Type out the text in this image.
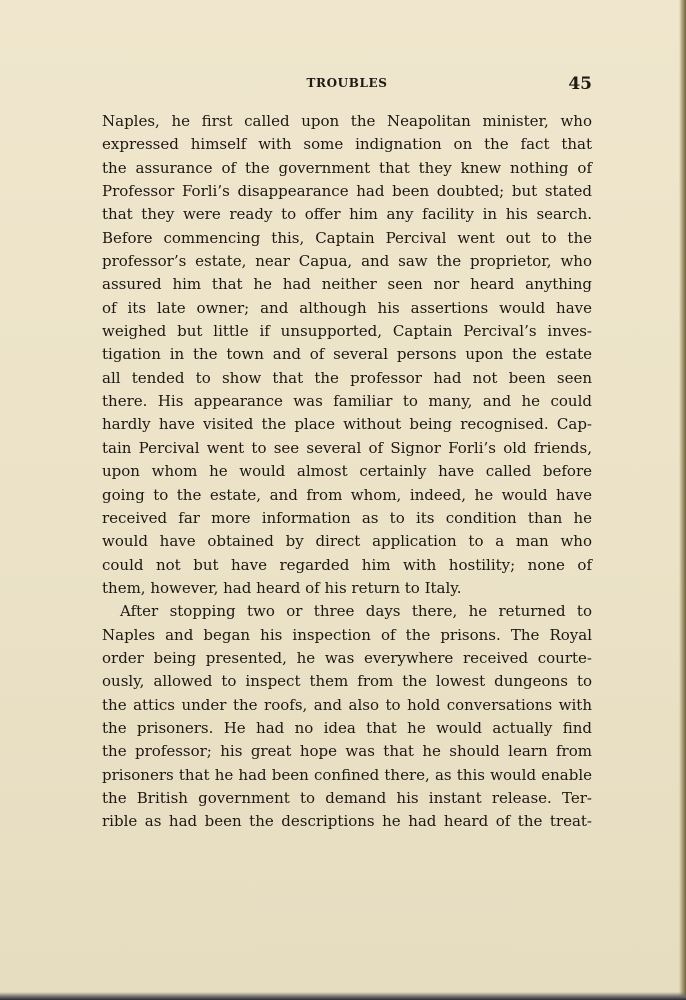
TROUBLES	45
Naples, he first called upon the Neapolitan minister, who
expressed himself with some indignation on the fact that
the assurance of the government that they knew nothing of
Professor Forli’s disappearance had been doubted; but stated
that they were ready to offer him any facility in his search.
Before commencing this, Captain Percival went out to the
professor’s estate, near Capua, and saw the proprietor, who
assured him that he had neither seen nor heard anything
of its late owner; and although his assertions would have
weighed but little if unsupported, Captain Percival’s inves-
tigation in the town and of several persons upon the estate
all tended to show that the professor had not been seen
there. His appearance was familiar to many, and he could
hardly have visited the place without being recognised. Cap-
tain Percival went to see several of Signor Forli’s old friends,
upon whom he would almost certainly have called before
going to the estate, and from whom, indeed, he would have
received far more information as to its condition than he
would have obtained by direct application to a man who
could not but have regarded him with hostility; none of
them, however, had heard of his return to Italy.
After stopping two or three days there, he returned to
Naples and began his inspection of the prisons. The Royal
order being presented, he was everywhere received courte-
ously, allowed to inspect them from the lowest dungeons to
the attics under the roofs, and also to hold conversations with
the prisoners. He had no idea that he would actually find
the professor; his great hope was that he should learn from
prisoners that he had been confined there, as this would enable
the British government to demand his instant release. Ter-
rible as had been the descriptions he had heard of the treat-
